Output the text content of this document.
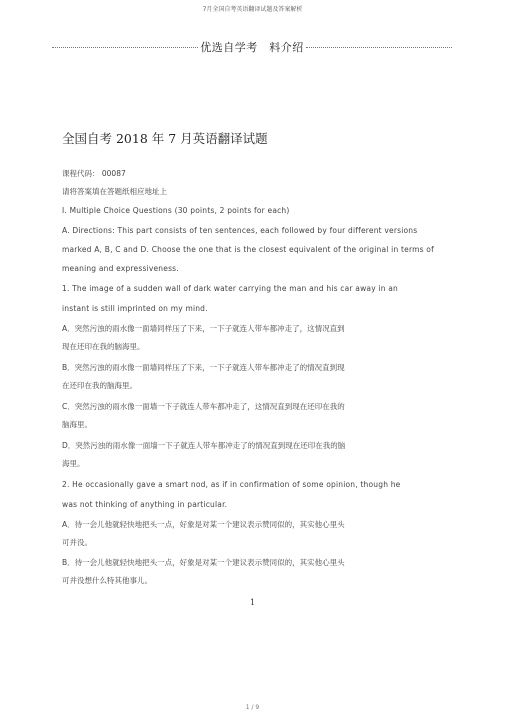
7月全国自考英语翻译试题及答案解析
优选自学考　料介绍
全国自考 2018 年 7 月英语翻译试题
课程代码： 00087
请将答案填在答题纸相应地址上
I. Multiple Choice Questions (30 points, 2 points for each)
A. Directions: This part consists of ten sentences, each followed by four different versions
marked A, B, C and D. Choose the one that is the closest equivalent of the original in terms of
meaning and expressiveness.
1. The image of a sudden wall of dark water carrying the man and his car away in an
instant is still imprinted on my mind.
A．突然污浊的雨水像一面墙同样压了下来，一下子就连人带车都冲走了，这情况直到
现在还印在我的脑海里。
B．突然污浊的雨水像一面墙同样压了下来，一下子就连人带车都冲走了的情况直到现
在还印在我的脑海里。
C．突然污浊的雨水像一面墙一下子就连人带车都冲走了，这情况直到现在还印在我的
脑海里。
D．突然污浊的雨水像一面墙一下子就连人带车都冲走了的情况直到现在还印在我的脑
海里。
2. He occasionally gave a smart nod, as if in confirmation of some opinion, though he
was not thinking of anything in particular.
A．待一会儿他就轻快地把头一点，好象是对某一个建议表示赞同似的，其实他心里头
可并没。
B．待一会儿他就轻快地把头一点，好象是对某一个建议表示赞同似的，其实他心里头
可并没想什么特其他事儿。
1
1 / 9
